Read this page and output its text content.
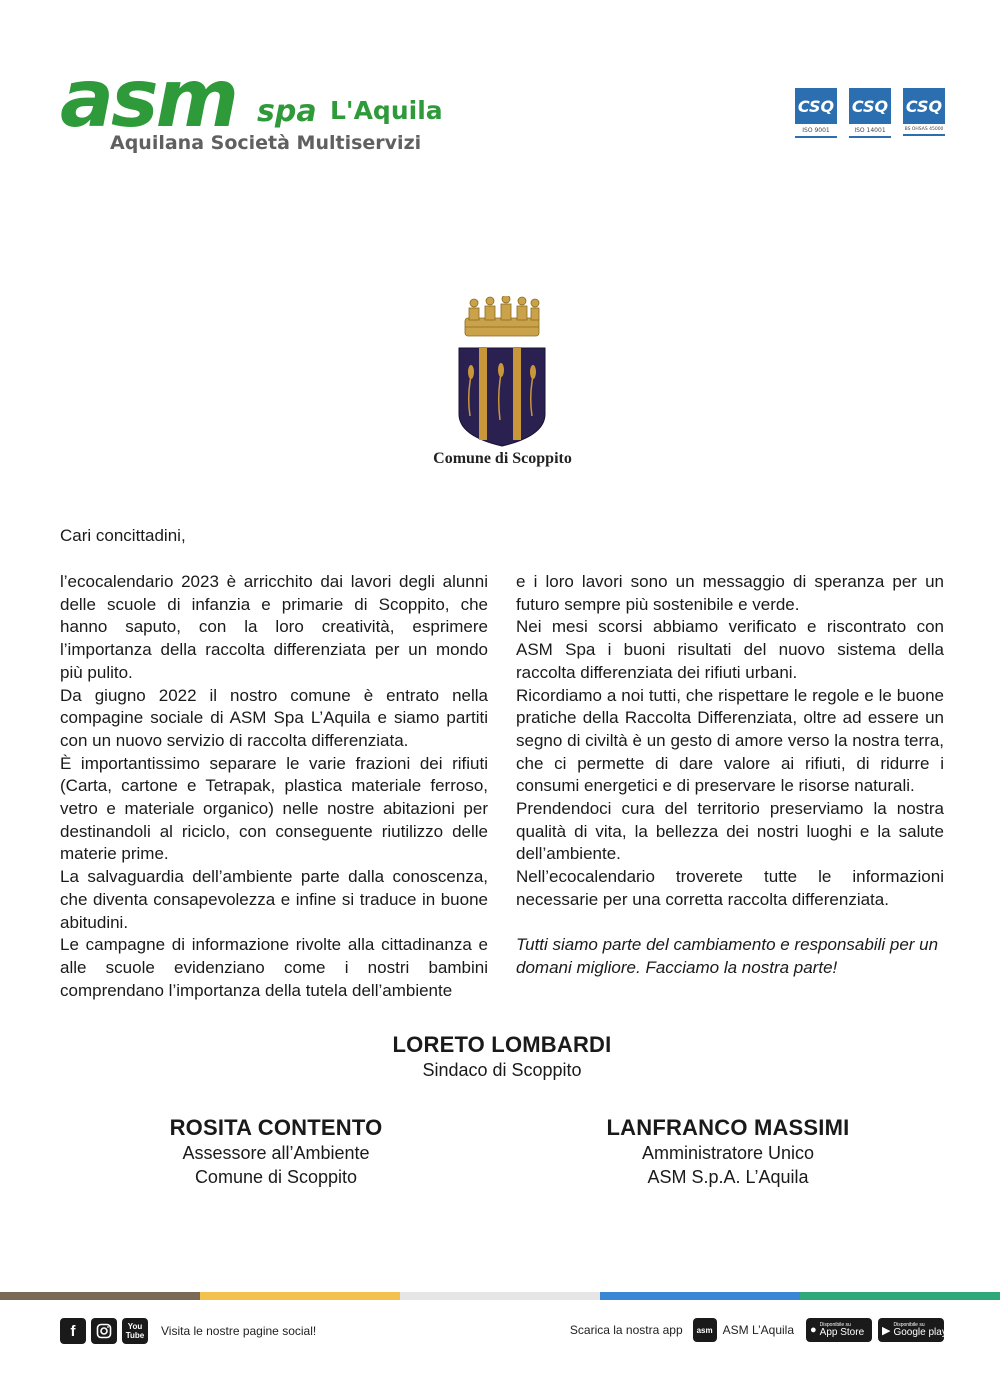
asm spa L'Aquila
Aquilana Società Multiservizi
CSQ
ISO 9001
CSQ
ISO 14001
CSQ
BS OHSAS 45000
Comune di Scoppito
Cari concittadini,

l’ecocalendario 2023 è arricchito dai lavori degli alunni delle scuole di infanzia e primarie di Scoppito, che hanno saputo, con la loro creatività, esprimere l’importanza della raccolta differenziata per un mondo più pulito.

Da giugno 2022 il nostro comune è entrato nella compagine sociale di ASM Spa L’Aquila e siamo partiti con un nuovo servizio di raccolta differenziata.

È importantissimo separare le varie frazioni dei rifiuti (Carta, cartone e Tetrapak, plastica materiale ferroso, vetro e materiale organico) nelle nostre abitazioni per destinandoli al riciclo, con conseguente riutilizzo delle materie prime.

La salvaguardia dell’ambiente parte dalla conoscenza, che diventa consapevolezza e infine si traduce in buone abitudini.

Le campagne di informazione rivolte alla cittadinanza e alle scuole evidenziano come i nostri bambini comprendano l’importanza della tutela dell’ambiente

e i loro lavori sono un messaggio di speranza per un futuro sempre più sostenibile e verde.

Nei mesi scorsi abbiamo verificato e riscontrato con ASM Spa i buoni risultati del nuovo sistema della raccolta differenziata dei rifiuti urbani.

Ricordiamo a noi tutti, che rispettare le regole e le buone pratiche della Raccolta Differenziata, oltre ad essere un segno di civiltà è un gesto di amore verso la nostra terra, che ci permette di dare valore ai rifiuti, di ridurre i consumi energetici e di preservare le risorse naturali.

Prendendoci cura del territorio preserviamo la nostra qualità di vita, la bellezza dei nostri luoghi e la salute dell’ambiente.

Nell’ecocalendario troverete tutte le informazioni necessarie per una corretta raccolta differenziata.

Tutti siamo parte del cambiamento e responsabili per un domani migliore. Facciamo la nostra parte!

LORETO LOMBARDI
Sindaco di Scoppito
ROSITA CONTENTO
Assessore all’Ambiente
Comune di Scoppito
LANFRANCO MASSIMI
Amministratore Unico
ASM S.p.A. L’Aquila
f	You
Tube Visita le nostre pagine social!	Scarica la nostra app	asm ASM L’Aquila ● Disponibile su
App Store ▶ Disponibile su
Google play
